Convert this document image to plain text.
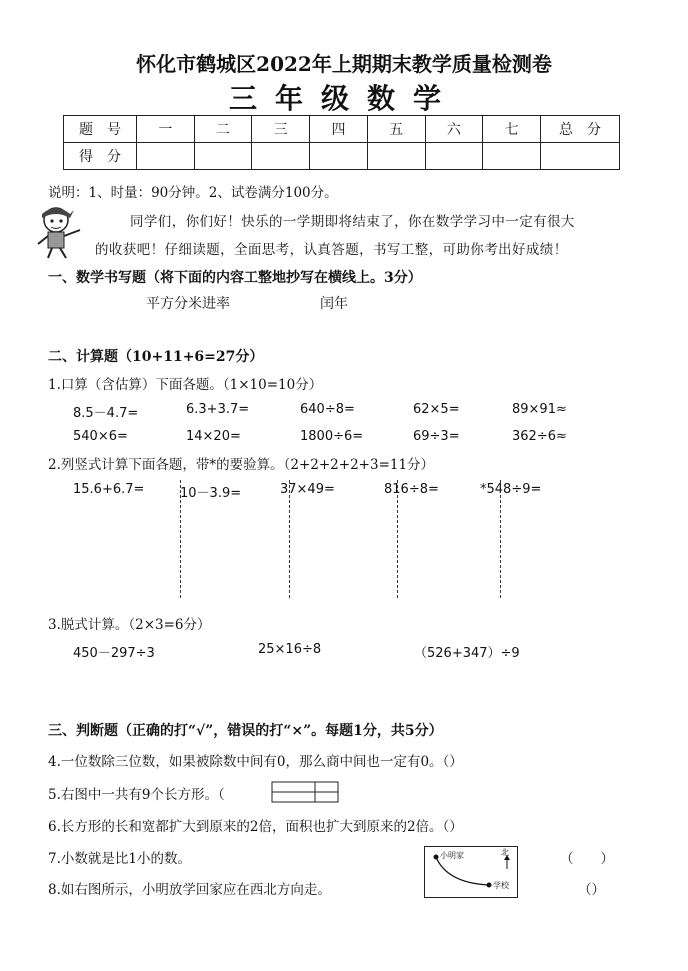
怀化市鹤城区2022年上期期末教学质量检测卷
三年级数学
题　号	一	二	三	四	五	六	七	总　分
得　分								
说明：1、时量：90分钟。2、试卷满分100分。
同学们，你们好！快乐的一学期即将结束了，你在数学学习中一定有很大
的收获吧！仔细读题，全面思考，认真答题，书写工整，可助你考出好成绩！
一、数学书写题（将下面的内容工整地抄写在横线上。3分）
平方分米进率	闰年
二、计算题（10+11+6=27分）
1.口算（含估算）下面各题。（1×10=10分）
8.5－4.7=	6.3+3.7=	640÷8=	62×5=	89×91≈
540×6=	14×20=	1800÷6=	69÷3=	362÷6≈
2.列竖式计算下面各题，带*的要验算。（2+2+2+2+3=11分）
15.6+6.7=	10－3.9=	37×49=	816÷8=	*548÷9=
3.脱式计算。（2×3=6分）
450－297÷3	25×16÷8	（526+347）÷9
三、判断题（正确的打“√”，错误的打“×”。每题1分，共5分）
4.一位数除三位数，如果被除数中间有0，那么商中间也一定有0。（）
5.右图中一共有9个长方形。（
6.长方形的长和宽都扩大到原来的2倍，面积也扩大到原来的2倍。（）
7.小数就是比1小的数。	（　　）
8.如右图所示，小明放学回家应在西北方向走。	（）
小明家	北
学校
